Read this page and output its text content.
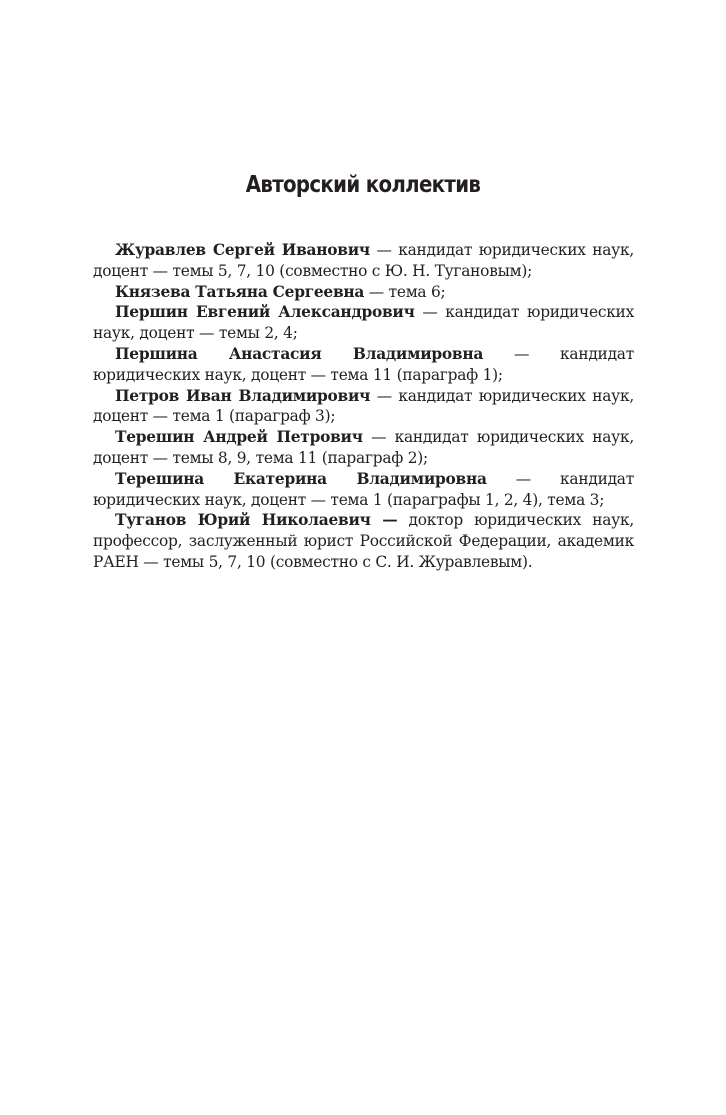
Авторский коллектив
Журавлев Сергей Иванович — кандидат юридических наук, доцент — темы 5, 7, 10 (совместно с Ю. Н. Тугановым);
Князева Татьяна Сергеевна — тема 6;
Першин Евгений Александрович — кандидат юридических наук, доцент — темы 2, 4;
Першина Анастасия Владимировна — кандидат юридических наук, доцент — тема 11 (параграф 1);
Петров Иван Владимирович — кандидат юридических наук, доцент — тема 1 (параграф 3);
Терешин Андрей Петрович — кандидат юридических наук, доцент — темы 8, 9, тема 11 (параграф 2);
Терешина Екатерина Владимировна — кандидат юридических наук, доцент — тема 1 (параграфы 1, 2, 4), тема 3;
Туганов Юрий Николаевич — доктор юридических наук, профессор, заслуженный юрист Российской Федерации, академик РАЕН — темы 5, 7, 10 (совместно с С. И. Журавлевым).
